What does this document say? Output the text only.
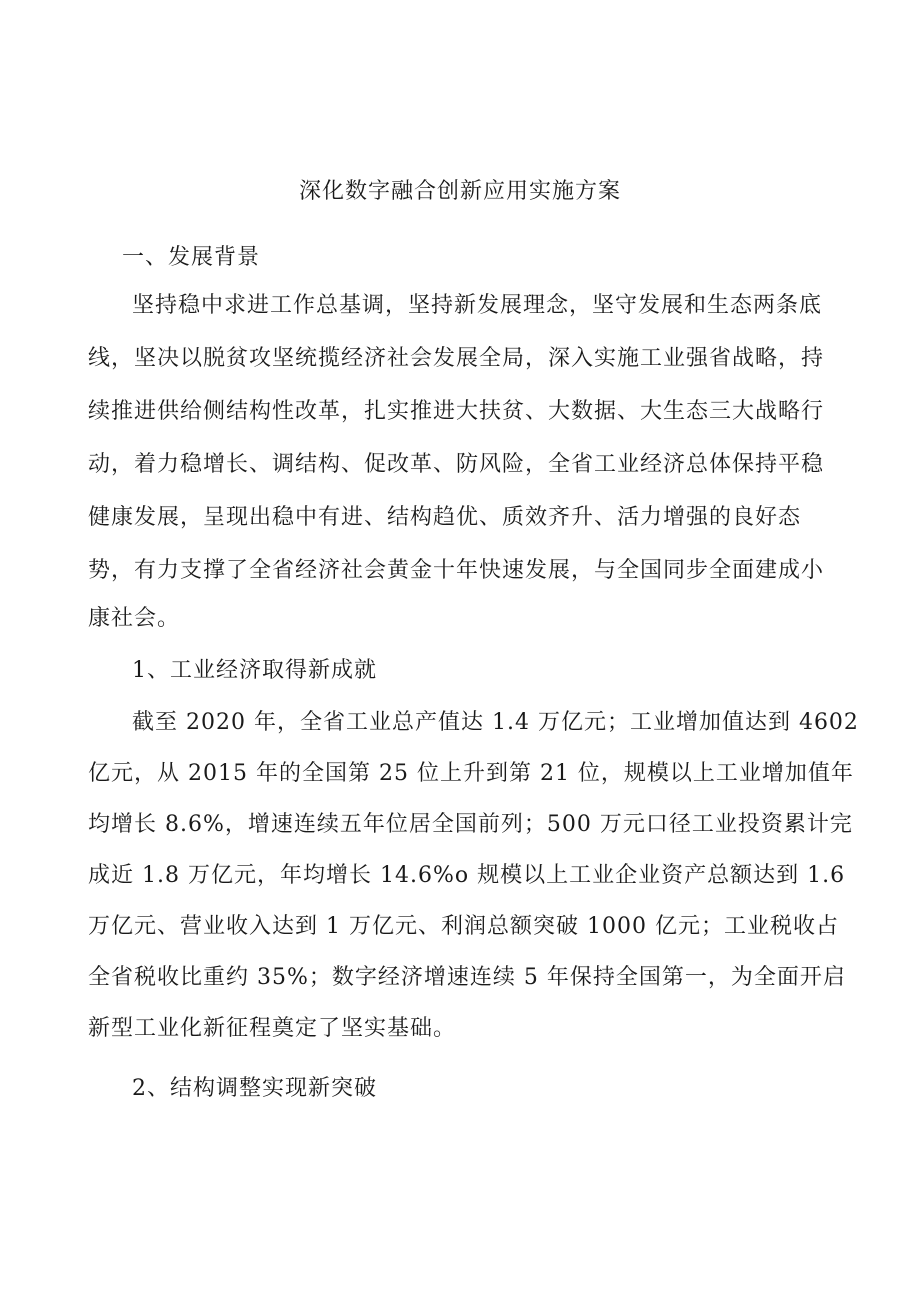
深化数字融合创新应用实施方案
一、发展背景
坚持稳中求进工作总基调，坚持新发展理念，坚守发展和生态两条底
线，坚决以脱贫攻坚统揽经济社会发展全局，深入实施工业强省战略，持
续推进供给侧结构性改革，扎实推进大扶贫、大数据、大生态三大战略行
动，着力稳增长、调结构、促改革、防风险，全省工业经济总体保持平稳
健康发展，呈现出稳中有进、结构趋优、质效齐升、活力增强的良好态
势，有力支撑了全省经济社会黄金十年快速发展，与全国同步全面建成小
康社会。
1、工业经济取得新成就
截至 2020 年，全省工业总产值达 1.4 万亿元；工业增加值达到 4602
亿元，从 2015 年的全国第 25 位上升到第 21 位，规模以上工业增加值年
均增长 8.6%，增速连续五年位居全国前列；500 万元口径工业投资累计完
成近 1.8 万亿元，年均增长 14.6%o 规模以上工业企业资产总额达到 1.6
万亿元、营业收入达到 1 万亿元、利润总额突破 1000 亿元；工业税收占
全省税收比重约 35%；数字经济增速连续 5 年保持全国第一，为全面开启
新型工业化新征程奠定了坚实基础。
2、结构调整实现新突破
